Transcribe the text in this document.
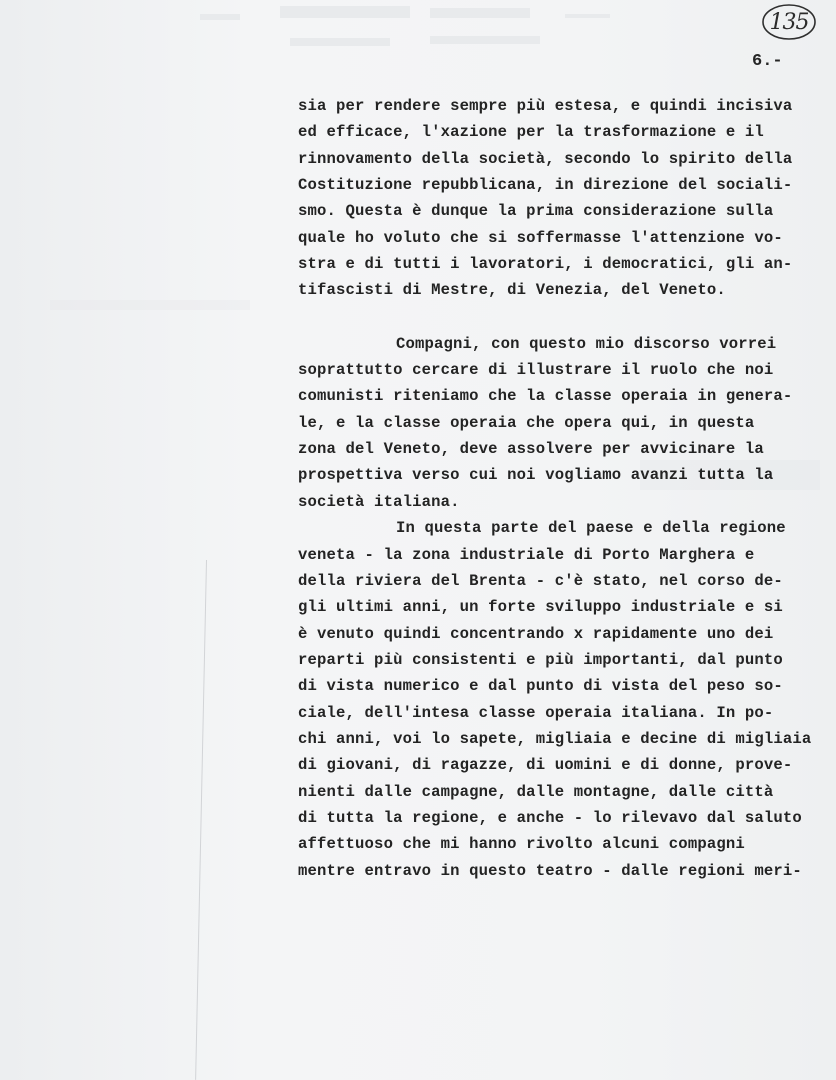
135
6.-

sia per rendere sempre più estesa, e quindi incisiva
ed efficace, l'xazione per la trasformazione e il
rinnovamento della società, secondo lo spirito della
Costituzione repubblicana, in direzione del sociali-
smo. Questa è dunque la prima considerazione sulla
quale ho voluto che si soffermasse l'attenzione vo-
stra e di tutti i lavoratori, i democratici, gli an-
tifascisti di Mestre, di Venezia, del Veneto.

Compagni, con questo mio discorso vorrei
soprattutto cercare di illustrare il ruolo che noi
comunisti riteniamo che la classe operaia in genera-
le, e la classe operaia che opera qui, in questa
zona del Veneto, deve assolvere per avvicinare la
prospettiva verso cui noi vogliamo avanzi tutta la
società italiana.

In questa parte del paese e della regione
veneta - la zona industriale di Porto Marghera e
della riviera del Brenta - c'è stato, nel corso de-
gli ultimi anni, un forte sviluppo industriale e si
è venuto quindi concentrando x rapidamente uno dei
reparti più consistenti e più importanti, dal punto
di vista numerico e dal punto di vista del peso so-
ciale, dell'intesa classe operaia italiana. In po-
chi anni, voi lo sapete, migliaia e decine di migliaia
di giovani, di ragazze, di uomini e di donne, prove-
nienti dalle campagne, dalle montagne, dalle città
di tutta la regione, e anche - lo rilevavo dal saluto
affettuoso che mi hanno rivolto alcuni compagni
mentre entravo in questo teatro - dalle regioni meri-
